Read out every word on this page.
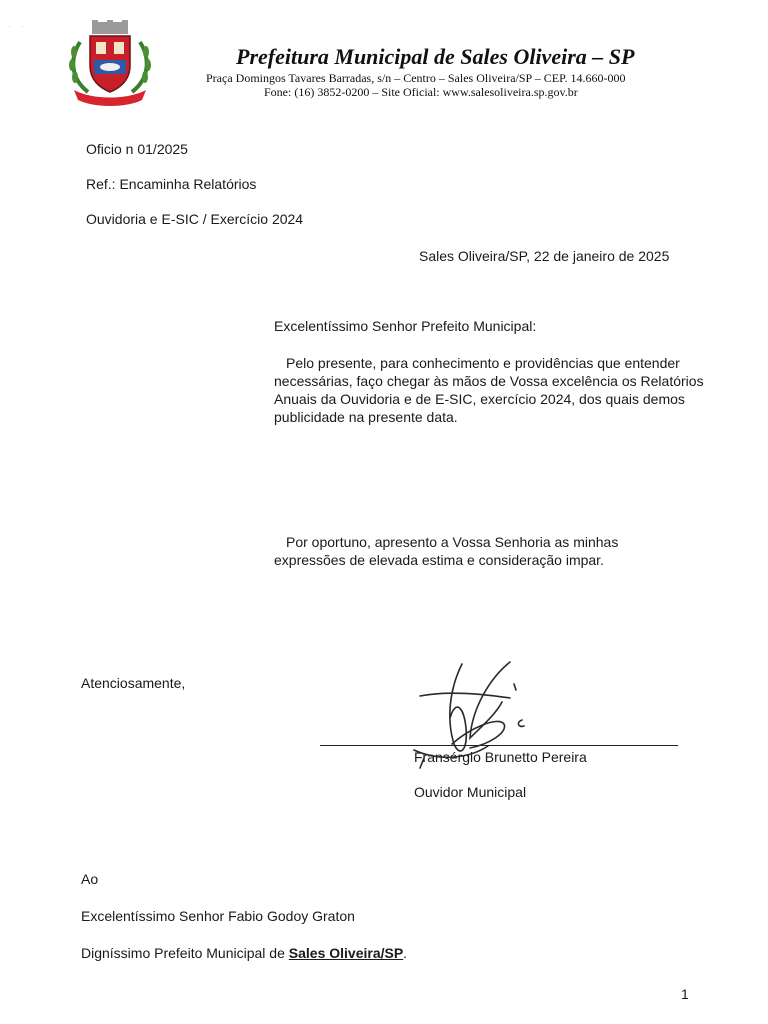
· ·
Prefeitura Municipal de Sales Oliveira – SP
Praça Domingos Tavares Barradas, s/n – Centro – Sales Oliveira/SP – CEP. 14.660-000
Fone: (16) 3852-0200 – Site Oficial: www.salesoliveira.sp.gov.br
Oficio n 01/2025
Ref.: Encaminha Relatórios
Ouvidoria e E-SIC / Exercício 2024
Sales Oliveira/SP, 22 de janeiro de 2025
Excelentíssimo Senhor Prefeito Municipal:
Pelo presente, para conhecimento e providências que entender necessárias, faço chegar às mãos de Vossa excelência os Relatórios Anuais da Ouvidoria e de E-SIC, exercício 2024, dos quais demos publicidade na presente data.
Por oportuno, apresento a Vossa Senhoria as minhas expressões de elevada estima e consideração impar.
Atenciosamente,
Fransérgio Brunetto Pereira
Ouvidor Municipal
Ao
Excelentíssimo Senhor Fabio Godoy Graton
Digníssimo Prefeito Municipal de Sales Oliveira/SP.
1
